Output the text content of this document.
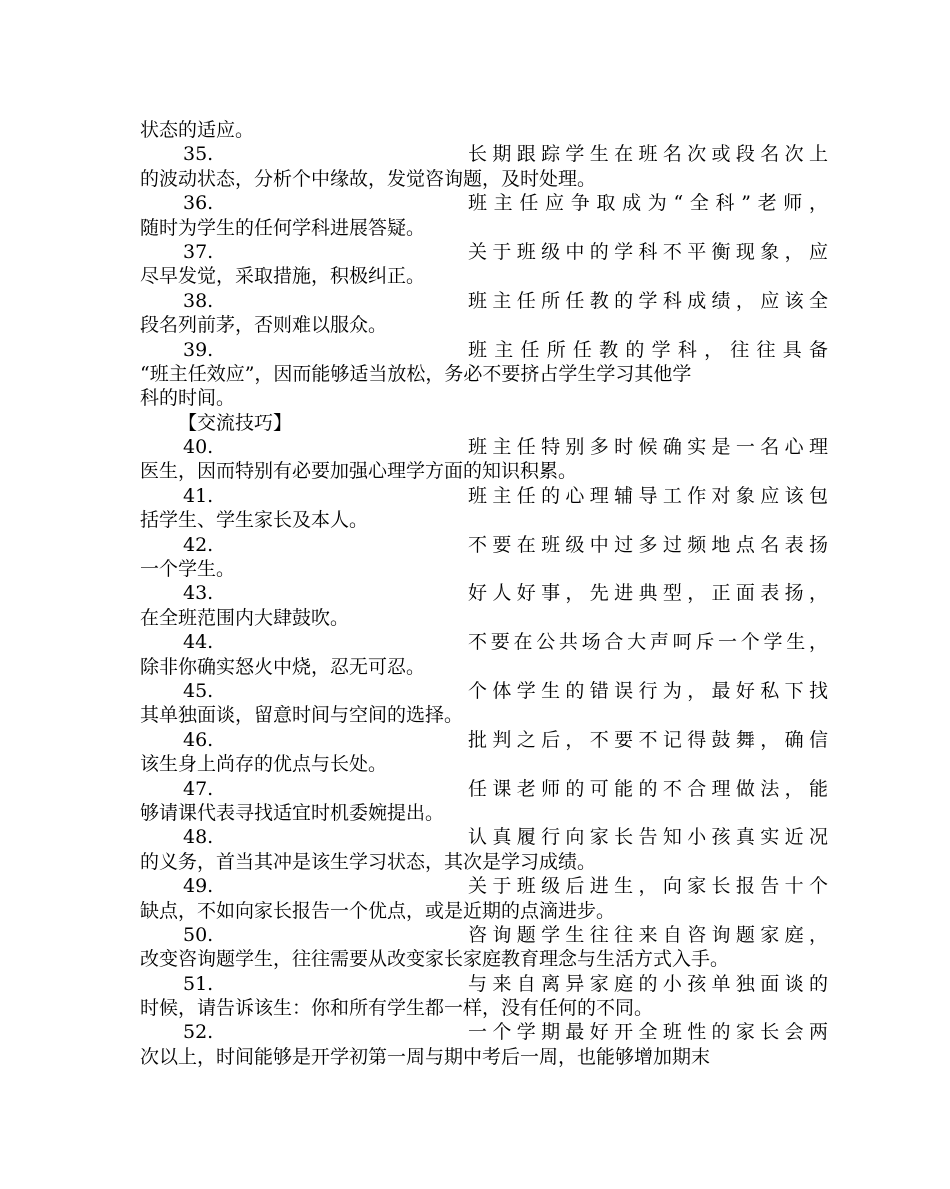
状态的适应。
35.	长期跟踪学生在班名次或段名次上
的波动状态，分析个中缘故，发觉咨询题，及时处理。
36.	班主任应争取成为“全科”老师，
随时为学生的任何学科进展答疑。
37.	关于班级中的学科不平衡现象，应
尽早发觉，采取措施，积极纠正。
38.	班主任所任教的学科成绩，应该全
段名列前茅，否则难以服众。
39.	班主任所任教的学科，往往具备
“班主任效应”，因而能够适当放松，务必不要挤占学生学习其他学
科的时间。
【交流技巧】
40.	班主任特别多时候确实是一名心理
医生，因而特别有必要加强心理学方面的知识积累。
41.	班主任的心理辅导工作对象应该包
括学生、学生家长及本人。
42.	不要在班级中过多过频地点名表扬
一个学生。
43.	好人好事，先进典型，正面表扬，
在全班范围内大肆鼓吹。
44.	不要在公共场合大声呵斥一个学生，
除非你确实怒火中烧，忍无可忍。
45.	个体学生的错误行为，最好私下找
其单独面谈，留意时间与空间的选择。
46.	批判之后，不要不记得鼓舞，确信
该生身上尚存的优点与长处。
47.	任课老师的可能的不合理做法，能
够请课代表寻找适宜时机委婉提出。
48.	认真履行向家长告知小孩真实近况
的义务，首当其冲是该生学习状态，其次是学习成绩。
49.	关于班级后进生，向家长报告十个
缺点，不如向家长报告一个优点，或是近期的点滴进步。
50.	咨询题学生往往来自咨询题家庭，
改变咨询题学生，往往需要从改变家长家庭教育理念与生活方式入手。
51.	与来自离异家庭的小孩单独面谈的
时候，请告诉该生：你和所有学生都一样，没有任何的不同。
52.	一个学期最好开全班性的家长会两
次以上，时间能够是开学初第一周与期中考后一周，也能够增加期末
